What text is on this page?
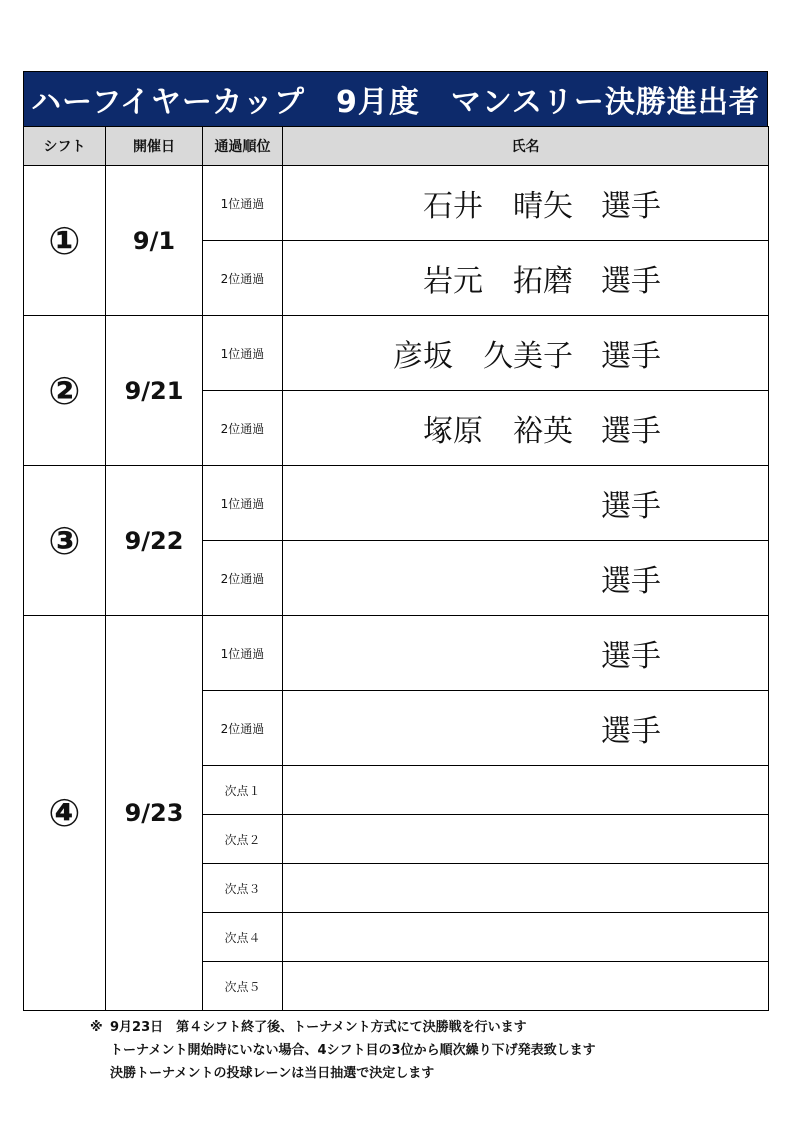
ハーフイヤーカップ　9月度　マンスリー決勝進出者
シフト	開催日	通過順位	氏名
①	9/1	1位通過	石井　晴矢 選手

		2位通過	岩元　拓磨 選手

②	9/21	1位通過	彦坂　久美子 選手

		2位通過	塚原　裕英 選手

③	9/22	1位通過	選手

		2位通過	選手

④	9/23	1位通過	選手

		2位通過	選手

		次点１	
		次点２	
		次点３	
		次点４	
		次点５	
※ 9月23日　第４シフト終了後、トーナメント方式にて決勝戦を行います
トーナメント開始時にいない場合、4シフト目の3位から順次繰り下げ発表致します
決勝トーナメントの投球レーンは当日抽選で決定します
